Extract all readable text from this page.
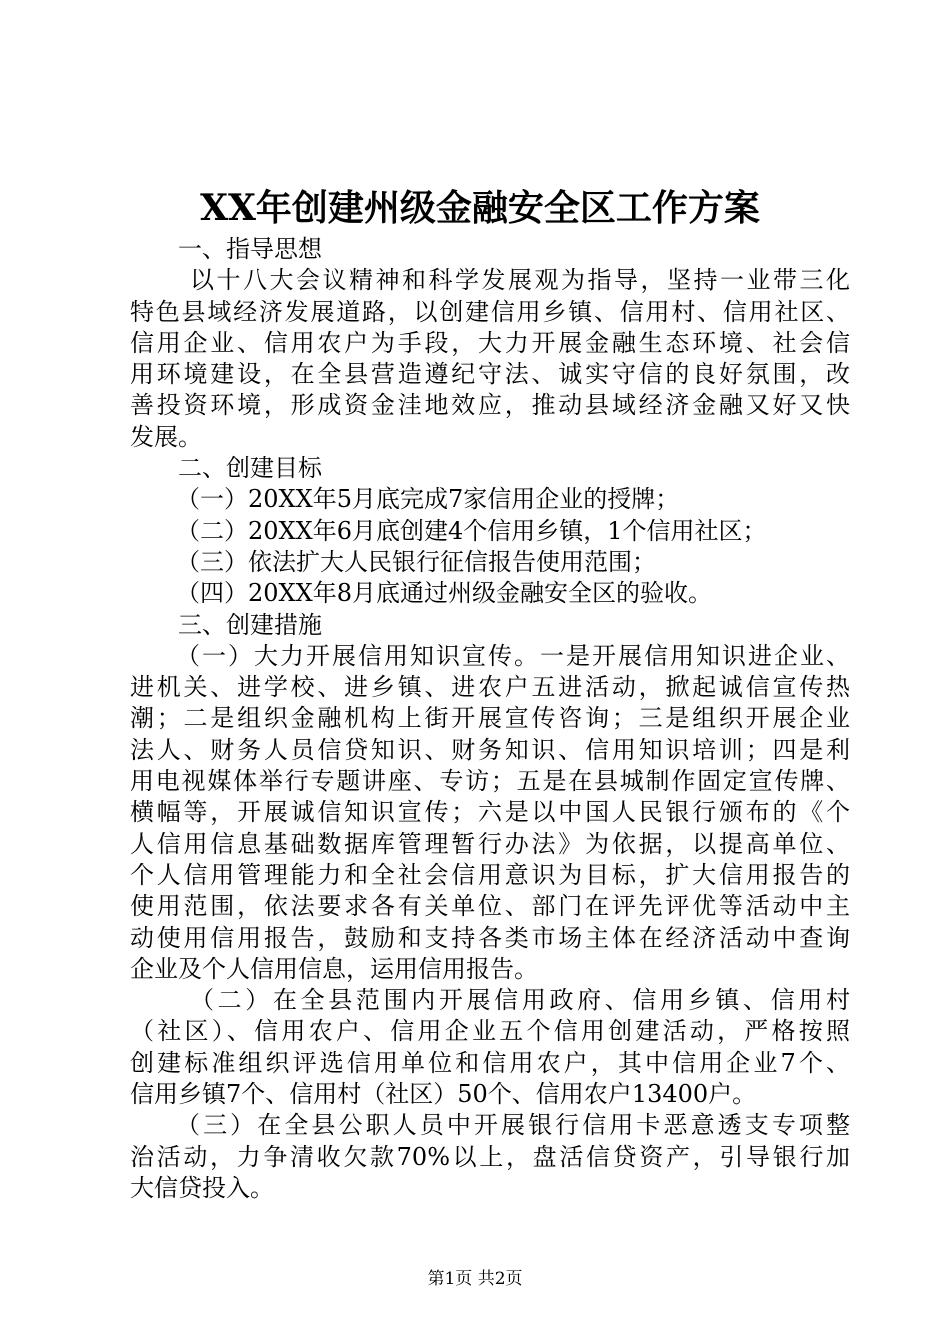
XX年创建州级金融安全区工作方案
一、指导思想
以十八大会议精神和科学发展观为指导，坚持一业带三化
特色县域经济发展道路，以创建信用乡镇、信用村、信用社区、
信用企业、信用农户为手段，大力开展金融生态环境、社会信
用环境建设，在全县营造遵纪守法、诚实守信的良好氛围，改
善投资环境，形成资金洼地效应，推动县域经济金融又好又快
发展。
二、创建目标
（一）20XX年5月底完成7家信用企业的授牌；
（二）20XX年6月底创建4个信用乡镇，1个信用社区；
（三）依法扩大人民银行征信报告使用范围；
（四）20XX年8月底通过州级金融安全区的验收。
三、创建措施
（一）大力开展信用知识宣传。一是开展信用知识进企业、
进机关、进学校、进乡镇、进农户五进活动，掀起诚信宣传热
潮；二是组织金融机构上街开展宣传咨询；三是组织开展企业
法人、财务人员信贷知识、财务知识、信用知识培训；四是利
用电视媒体举行专题讲座、专访；五是在县城制作固定宣传牌、
横幅等，开展诚信知识宣传；六是以中国人民银行颁布的《个
人信用信息基础数据库管理暂行办法》为依据，以提高单位、
个人信用管理能力和全社会信用意识为目标，扩大信用报告的
使用范围，依法要求各有关单位、部门在评先评优等活动中主
动使用信用报告，鼓励和支持各类市场主体在经济活动中查询
企业及个人信用信息，运用信用报告。
（二）在全县范围内开展信用政府、信用乡镇、信用村
（社区）、信用农户、信用企业五个信用创建活动，严格按照
创建标准组织评选信用单位和信用农户，其中信用企业7个、
信用乡镇7个、信用村（社区）50个、信用农户13400户。
（三）在全县公职人员中开展银行信用卡恶意透支专项整
治活动，力争清收欠款70%以上，盘活信贷资产，引导银行加
大信贷投入。
第1页 共2页
